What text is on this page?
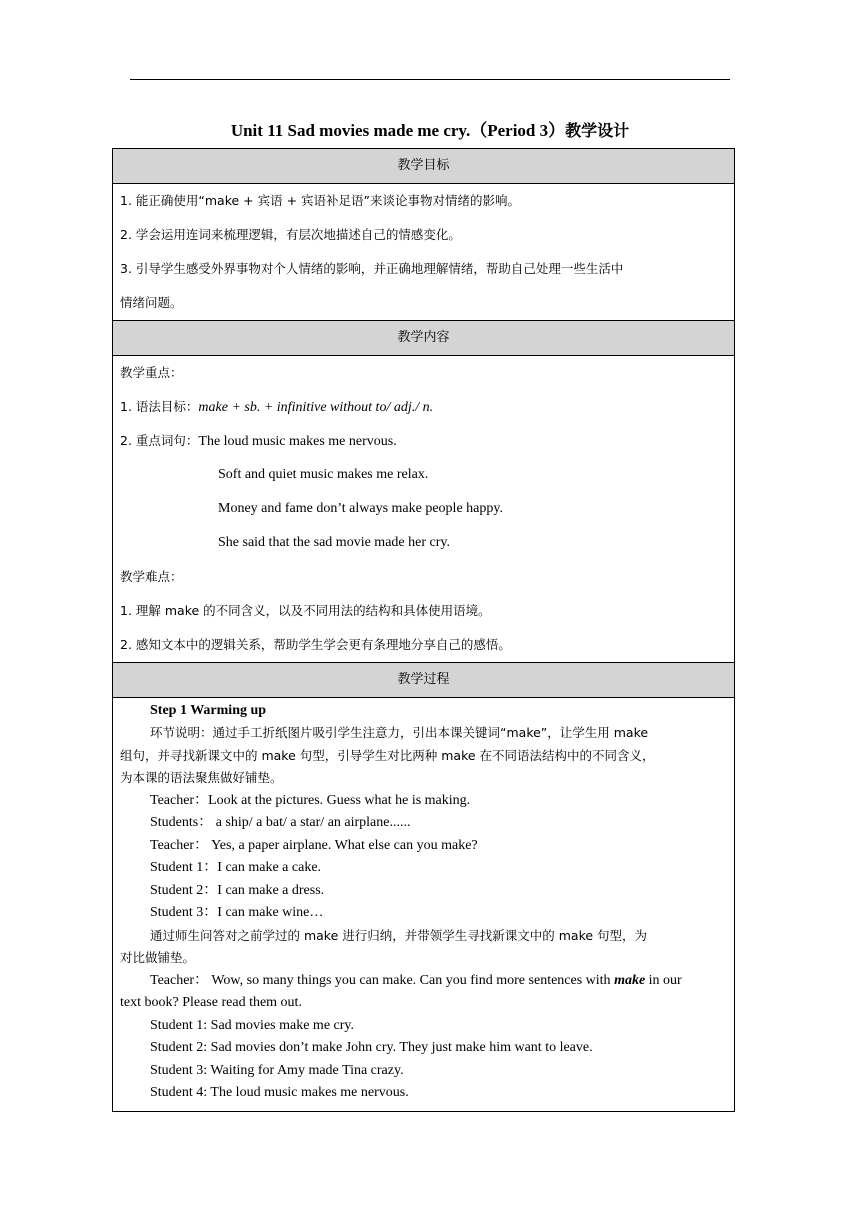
Unit 11 Sad movies made me cry.（Period 3）教学设计
教学目标
1. 能正确使用“make + 宾语 + 宾语补足语”来谈论事物对情绪的影响。
2. 学会运用连词来梳理逻辑，有层次地描述自己的情感变化。
3. 引导学生感受外界事物对个人情绪的影响，并正确地理解情绪，帮助自己处理一些生活中
情绪问题。
教学内容
教学重点：
1. 语法目标：make + sb. + infinitive without to/ adj./ n.
2. 重点词句：The loud music makes me nervous.
Soft and quiet music makes me relax.
Money and fame don’t always make people happy.
She said that the sad movie made her cry.
教学难点：
1. 理解 make 的不同含义，以及不同用法的结构和具体使用语境。
2. 感知文本中的逻辑关系，帮助学生学会更有条理地分享自己的感悟。
教学过程
Step 1 Warming up
环节说明：通过手工折纸图片吸引学生注意力，引出本课关键词“make”，让学生用 make
组句，并寻找新课文中的 make 句型，引导学生对比两种 make 在不同语法结构中的不同含义，
为本课的语法聚焦做好铺垫。
Teacher：Look at the pictures. Guess what he is making.
Students： a ship/ a bat/ a star/ an airplane......
Teacher： Yes, a paper airplane. What else can you make?
Student 1：I can make a cake.
Student 2：I can make a dress.
Student 3：I can make wine…
通过师生问答对之前学过的 make 进行归纳，并带领学生寻找新课文中的 make 句型，为
对比做铺垫。
Teacher： Wow, so many things you can make. Can you find more sentences with make in our
text book? Please read them out.
Student 1: Sad movies make me cry.
Student 2: Sad movies don’t make John cry. They just make him want to leave.
Student 3: Waiting for Amy made Tina crazy.
Student 4: The loud music makes me nervous.
